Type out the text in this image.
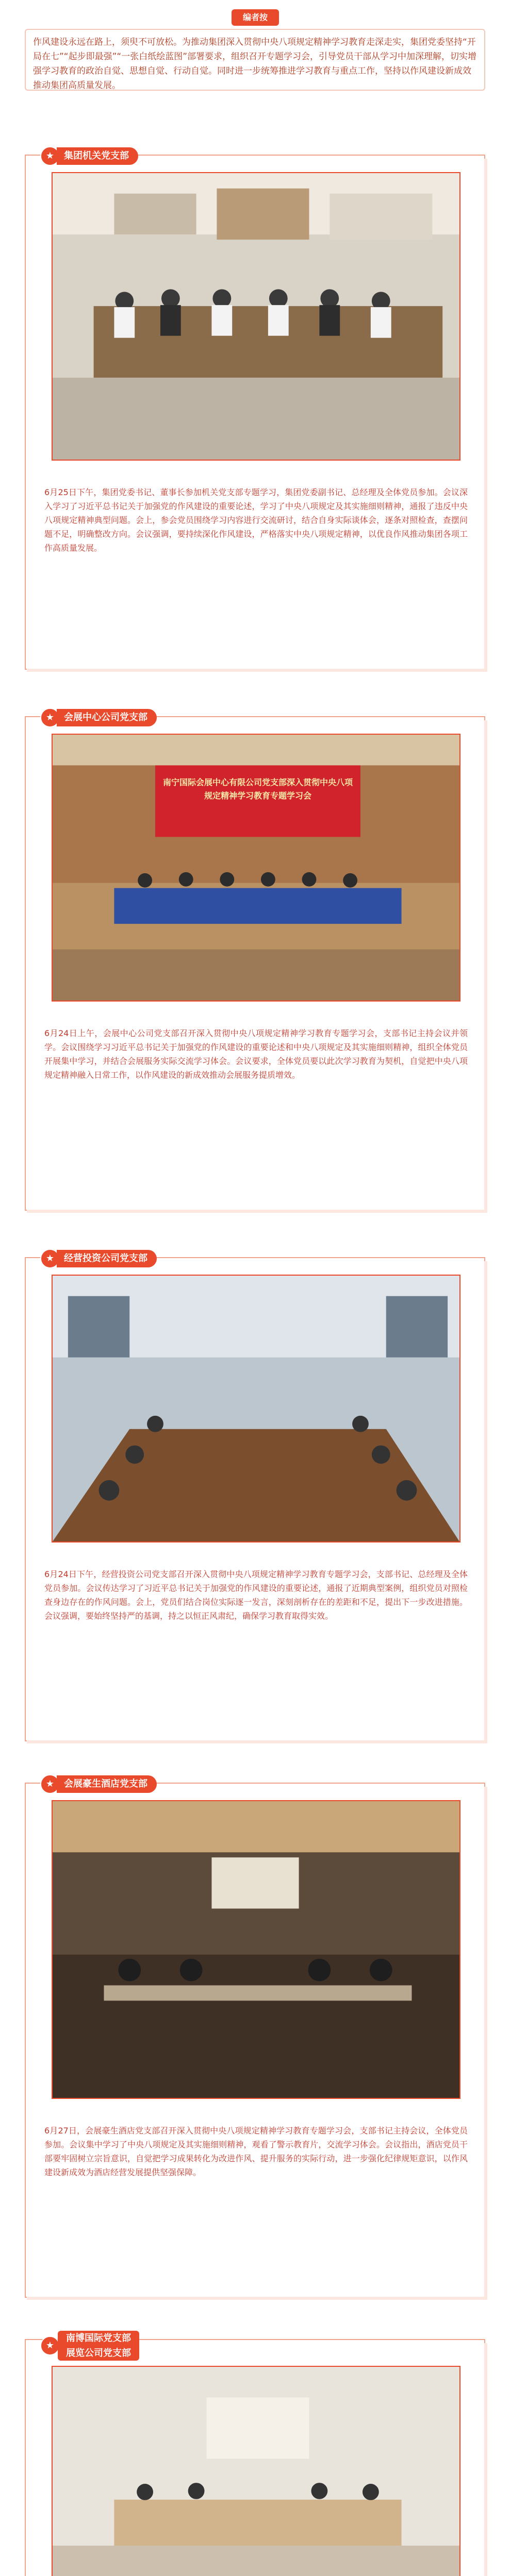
作风建设永远在路上，须臾不可放松。为推动集团深入贯彻中央八项规定精神学习教育走深走实，集团党委坚持“开局在七”“起步即最强”“一张白纸绘蓝图”部署要求，组织召开专题学习会，引导党员干部从学习中加深理解，切实增强学习教育的政治自觉、思想自觉、行动自觉。同时进一步统筹推进学习教育与重点工作，坚持以作风建设新成效推动集团高质量发展。

编者按
★	集团机关党支部

6月25日下午，集团党委书记、董事长参加机关党支部专题学习，集团党委副书记、总经理及全体党员参加。会议深入学习了习近平总书记关于加强党的作风建设的重要论述，学习了中央八项规定及其实施细则精神，通报了违反中央八项规定精神典型问题。会上，参会党员围绕学习内容进行交流研讨，结合自身实际谈体会，逐条对照检查，查摆问题不足，明确整改方向。会议强调，要持续深化作风建设，严格落实中央八项规定精神，以优良作风推动集团各项工作高质量发展。

★	会展中心公司党支部
南宁国际会展中心有限公司党支部深入贯彻中央八项规定精神学习教育专题学习会

6月24日上午，会展中心公司党支部召开深入贯彻中央八项规定精神学习教育专题学习会，支部书记主持会议并领学。会议围绕学习习近平总书记关于加强党的作风建设的重要论述和中央八项规定及其实施细则精神，组织全体党员开展集中学习，并结合会展服务实际交流学习体会。会议要求，全体党员要以此次学习教育为契机，自觉把中央八项规定精神融入日常工作，以作风建设的新成效推动会展服务提质增效。

★	经营投资公司党支部

6月24日下午，经营投资公司党支部召开深入贯彻中央八项规定精神学习教育专题学习会，支部书记、总经理及全体党员参加。会议传达学习了习近平总书记关于加强党的作风建设的重要论述，通报了近期典型案例，组织党员对照检查身边存在的作风问题。会上，党员们结合岗位实际逐一发言，深刻剖析存在的差距和不足，提出下一步改进措施。会议强调，要始终坚持严的基调，持之以恒正风肃纪，确保学习教育取得实效。

★	会展豪生酒店党支部

6月27日，会展豪生酒店党支部召开深入贯彻中央八项规定精神学习教育专题学习会，支部书记主持会议，全体党员参加。会议集中学习了中央八项规定及其实施细则精神，观看了警示教育片，交流学习体会。会议指出，酒店党员干部要牢固树立宗旨意识，自觉把学习成果转化为改进作风、提升服务的实际行动，进一步强化纪律规矩意识，以作风建设新成效为酒店经营发展提供坚强保障。

★
南博国际党支部
展览公司党支部
